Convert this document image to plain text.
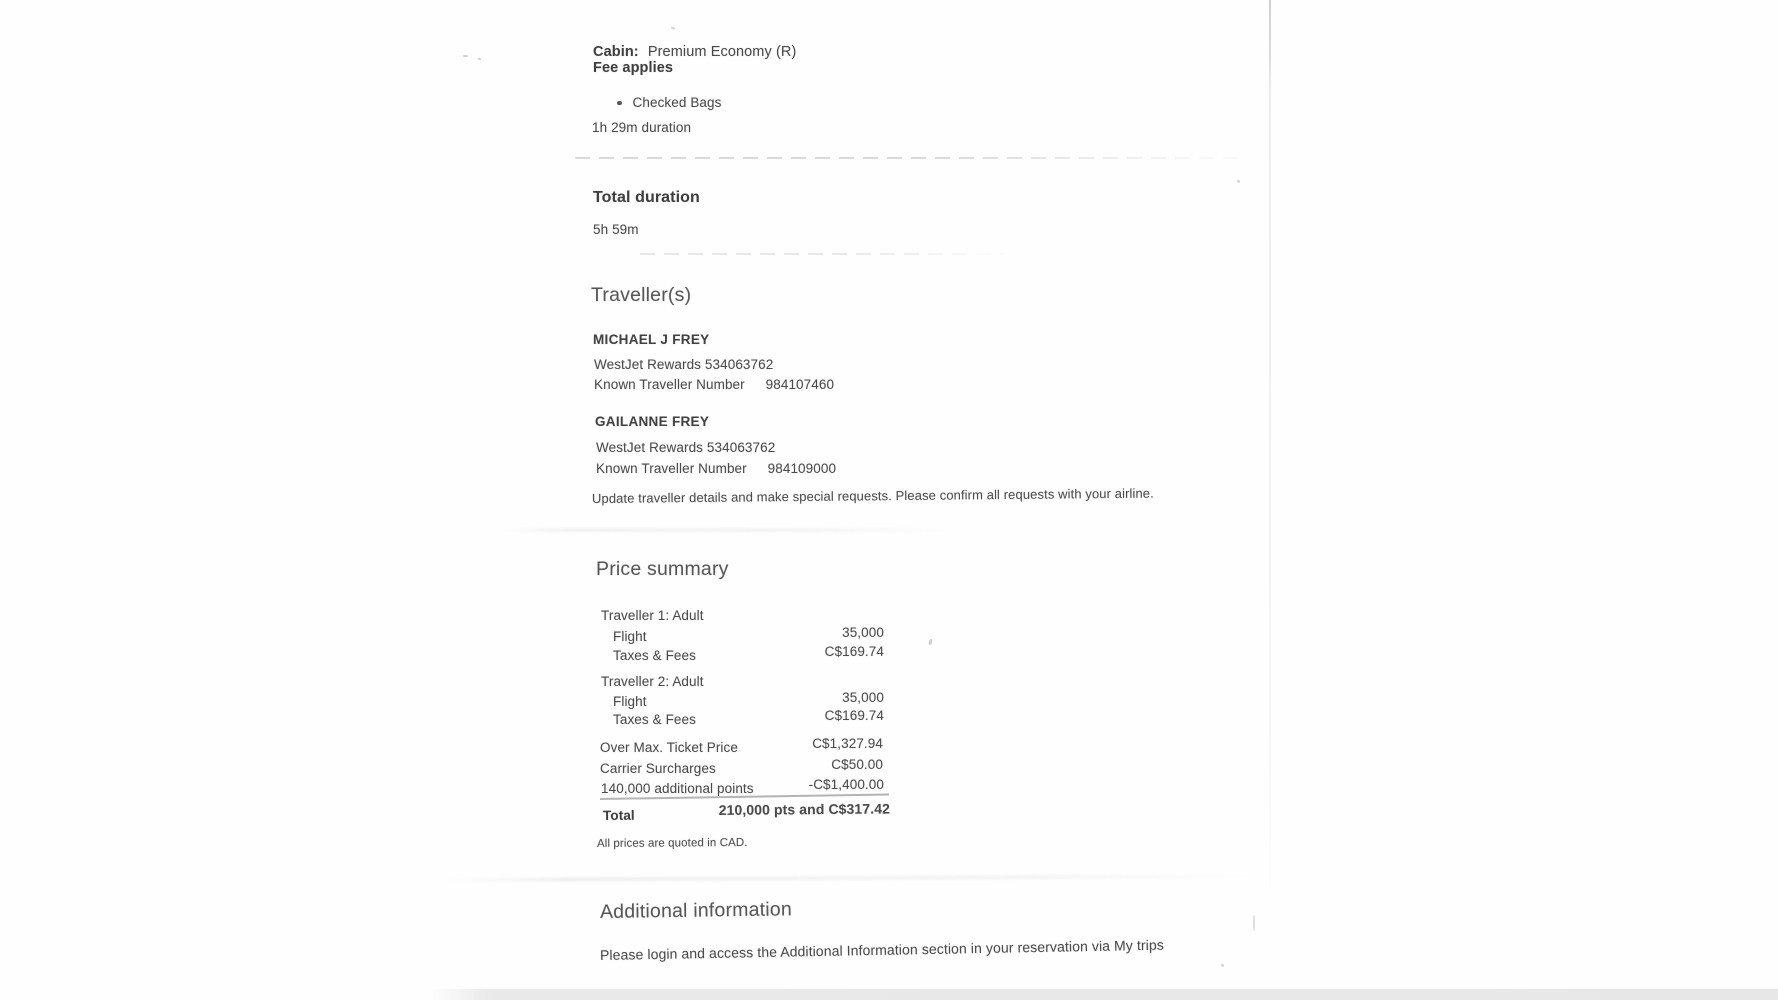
Cabin: Premium Economy (R)
Fee applies
Checked Bags
1h 29m duration
Total duration
5h 59m
Traveller(s)
MICHAEL J FREY
WestJet Rewards 534063762
Known Traveller Number 984107460
GAILANNE FREY
WestJet Rewards 534063762
Known Traveller Number 984109000
Update traveller details and make special requests. Please confirm all requests with your airline.
Price summary
Traveller 1: Adult
Flight	35,000
Taxes & Fees	C$169.74
Traveller 2: Adult
Flight	35,000
Taxes & Fees	C$169.74
Over Max. Ticket Price	C$1,327.94
Carrier Surcharges	C$50.00
140,000 additional points	-C$1,400.00
Total	210,000 pts and C$317.42
All prices are quoted in CAD.
Additional information
Please login and access the Additional Information section in your reservation via My trips
